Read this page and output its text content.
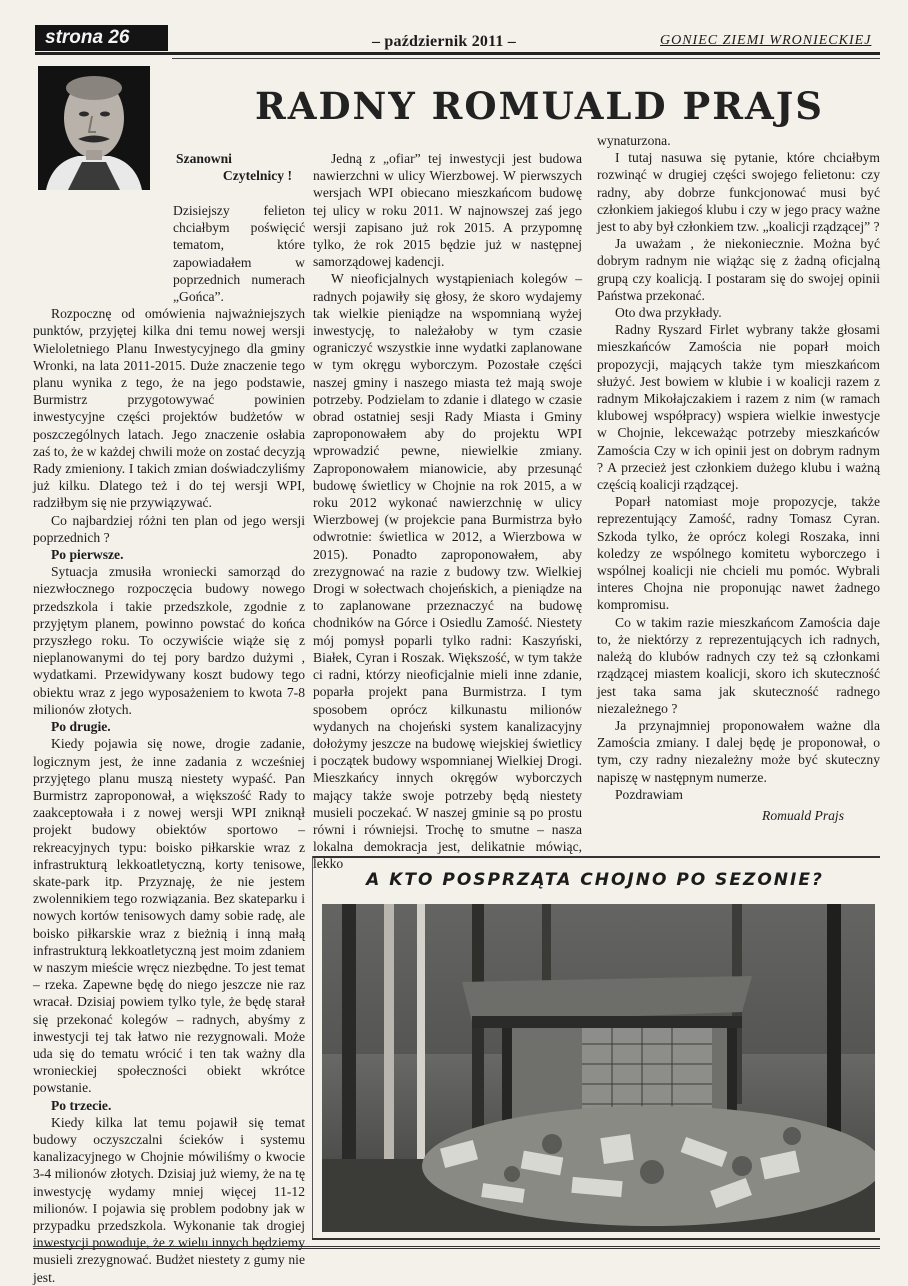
strona 26	– październik 2011 –	GONIEC ZIEMI WRONIECKIEJ
RADNY ROMUALD PRAJS
Szanowni
Czytelnicy !

Dzisiejszy felieton chciałbym poświęcić tematom, które zapowiadałem w poprzednich numerach „Gońca”.

Rozpocznę od omówienia najważniejszych punktów, przyjętej kilka dni temu nowej wersji Wieloletniego Planu Inwestycyjnego dla gminy Wronki, na lata 2011-2015. Duże znaczenie tego planu wynika z tego, że na jego podstawie, Burmistrz przygotowywać powinien inwestycyjne części projektów budżetów w poszczególnych latach. Jego znaczenie osłabia zaś to, że w każdej chwili może on zostać decyzją Rady zmieniony. I takich zmian doświadczyliśmy już kilku. Dlatego też i do tej wersji WPI, radziłbym się nie przywiązywać.

Co najbardziej różni ten plan od jego wersji poprzednich ?

Po pierwsze.

Sytuacja zmusiła wroniecki samorząd do niezwłocznego rozpoczęcia budowy nowego przedszkola i takie przedszkole, zgodnie z przyjętym planem, powinno powstać do końca przyszłego roku. To oczywiście wiąże się z nieplanowanymi do tej pory bardzo dużymi , wydatkami. Przewidywany koszt budowy tego obiektu wraz z jego wyposażeniem to kwota 7-8 milionów złotych.

Po drugie.

Kiedy pojawia się nowe, drogie zadanie, logicznym jest, że inne zadania z wcześniej przyjętego planu muszą niestety wypaść. Pan Burmistrz zaproponował, a większość Rady to zaakceptowała i z nowej wersji WPI zniknął projekt budowy obiektów sportowo – rekreacyjnych typu: boisko piłkarskie wraz z infrastrukturą lekkoatletyczną, korty tenisowe, skate-park itp. Przyznaję, że nie jestem zwolennikiem tego rozwiązania. Bez skateparku i nowych kortów tenisowych damy sobie radę, ale boisko piłkarskie wraz z bieżnią i inną małą infrastrukturą lekkoatletyczną jest moim zdaniem w naszym mieście wręcz niezbędne. To jest temat – rzeka. Zapewne będę do niego jeszcze nie raz wracał. Dzisiaj powiem tylko tyle, że będę starał się przekonać kolegów – radnych, abyśmy z inwestycji tej tak łatwo nie rezygnowali. Może uda się do tematu wrócić i ten tak ważny dla wronieckiej społeczności obiekt wkrótce powstanie.

Po trzecie.

Kiedy kilka lat temu pojawił się temat budowy oczyszczalni ścieków i systemu kanalizacyjnego w Chojnie mówiliśmy o kwocie 3-4 milionów złotych. Dzisiaj już wiemy, że na tę inwestycję wydamy mniej więcej 11-12 milionów. I pojawia się problem podobny jak w przypadku przedszkola. Wykonanie tak drogiej inwestycji powoduje, że z wielu innych będziemy musieli zrezygnować. Budżet niestety z gumy nie jest.

Jedną z „ofiar” tej inwestycji jest budowa nawierzchni w ulicy Wierzbowej. W pierwszych wersjach WPI obiecano mieszkańcom budowę tej ulicy w roku 2011. W najnowszej zaś jego wersji zapisano już rok 2015. A przypomnę tylko, że rok 2015 będzie już w następnej samorządowej kadencji.

W nieoficjalnych wystąpieniach kolegów – radnych pojawiły się głosy, że skoro wydajemy tak wielkie pieniądze na wspomnianą wyżej inwestycję, to należałoby w tym czasie ograniczyć wszystkie inne wydatki zaplanowane w tym okręgu wyborczym. Pozostałe części naszej gminy i naszego miasta też mają swoje potrzeby. Podzielam to zdanie i dlatego w czasie obrad ostatniej sesji Rady Miasta i Gminy zaproponowałem aby do projektu WPI wprowadzić pewne, niewielkie zmiany. Zaproponowałem mianowicie, aby przesunąć budowę świetlicy w Chojnie na rok 2015, a w roku 2012 wykonać nawierzchnię w ulicy Wierzbowej (w projekcie pana Burmistrza było odwrotnie: świetlica w 2012, a Wierzbowa w 2015). Ponadto zaproponowałem, aby zrezygnować na razie z budowy tzw. Wielkiej Drogi w sołectwach chojeńskich, a pieniądze na to zaplanowane przeznaczyć na budowę chodników na Górce i Osiedlu Zamość. Niestety mój pomysł poparli tylko radni: Kaszyński, Białek, Cyran i Roszak. Większość, w tym także ci radni, którzy nieoficjalnie mieli inne zdanie, poparła projekt pana Burmistrza. I tym sposobem oprócz kilkunastu milionów wydanych na chojeński system kanalizacyjny dołożymy jeszcze na budowę wiejskiej świetlicy i początek budowy wspomnianej Wielkiej Drogi. Mieszkańcy innych okręgów wyborczych mający także swoje potrzeby będą niestety musieli poczekać. W naszej gminie są po prostu równi i równiejsi. Trochę to smutne – nasza lokalna demokracja jest, delikatnie mówiąc, lekko

wynaturzona.

I tutaj nasuwa się pytanie, które chciałbym rozwinąć w drugiej części swojego felietonu: czy radny, aby dobrze funkcjonować musi być członkiem jakiegoś klubu i czy w jego pracy ważne jest to aby był członkiem tzw. „koalicji rządzącej” ?

Ja uważam , że niekoniecznie. Można być dobrym radnym nie wiążąc się z żadną oficjalną grupą czy koalicją. I postaram się do swojej opinii Państwa przekonać.

Oto dwa przykłady.

Radny Ryszard Firlet wybrany także głosami mieszkańców Zamościa nie poparł moich propozycji, mających także tym mieszkańcom służyć. Jest bowiem w klubie i w koalicji razem z radnym Mikołajczakiem i razem z nim (w ramach klubowej współpracy) wspiera wielkie inwestycje w Chojnie, lekceważąc potrzeby mieszkańców Zamościa Czy w ich opinii jest on dobrym radnym ? A przecież jest członkiem dużego klubu i ważną częścią koalicji rządzącej.

Poparł natomiast moje propozycje, także reprezentujący Zamość, radny Tomasz Cyran. Szkoda tylko, że oprócz kolegi Roszaka, inni koledzy ze wspólnego komitetu wyborczego i wspólnej koalicji nie chcieli mu pomóc. Wybrali interes Chojna nie proponując nawet żadnego kompromisu.

Co w takim razie mieszkańcom Zamościa daje to, że niektórzy z reprezentujących ich radnych, należą do klubów radnych czy też są członkami rządzącej miastem koalicji, skoro ich skuteczność jest taka sama jak skuteczność radnego niezależnego ?

Ja przynajmniej proponowałem ważne dla Zamościa zmiany. I dalej będę je proponował, o tym, czy radny niezależny może być skuteczny napiszę w następnym numerze.

Pozdrawiam

Romuald Prajs
A KTO POSPRZĄTA CHOJNO PO SEZONIE?
